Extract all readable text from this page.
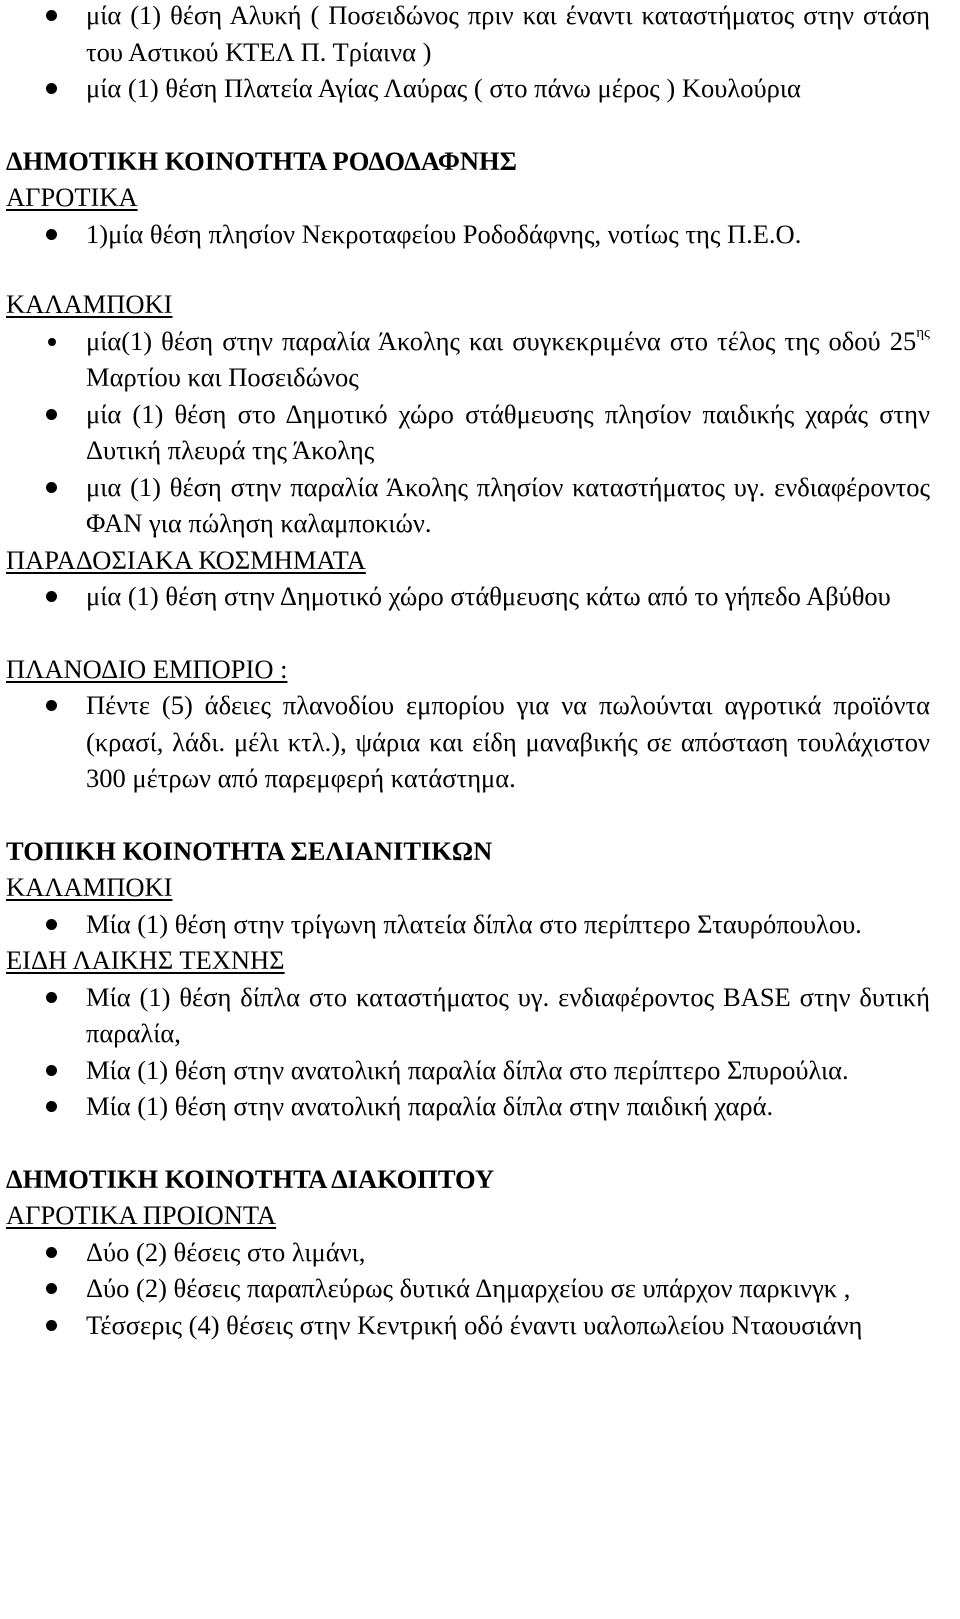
μία (1) θέση Αλυκή ( Ποσειδώνος πριν και έναντι καταστήματος στην στάση του Αστικού ΚΤΕΛ Π. Τρίαινα )
μία (1) θέση Πλατεία Αγίας Λαύρας ( στο πάνω μέρος ) Κουλούρια
ΔΗΜΟΤΙΚΗ ΚΟΙΝΟΤΗΤΑ ΡΟΔΟΔΑΦΝΗΣ
ΑΓΡΟΤΙΚΑ
1)μία θέση πλησίον Νεκροταφείου Ροδοδάφνης, νοτίως της Π.Ε.Ο.
ΚΑΛΑΜΠΟΚΙ
μία(1) θέση στην παραλία Άκολης και συγκεκριμένα στο τέλος της οδού $25^{\eta\varsigma}$ Μαρτίου και Ποσειδώνος
μία (1) θέση στο Δημοτικό χώρο στάθμευσης πλησίον παιδικής χαράς στην Δυτική πλευρά της Άκολης
μια (1) θέση στην παραλία Άκολης πλησίον καταστήματος υγ. ενδιαφέροντος ΦΑΝ για πώληση καλαμποκιών.
ΠΑΡΑΔΟΣΙΑΚΑ ΚΟΣΜΗΜΑΤΑ
μία (1) θέση στην Δημοτικό χώρο στάθμευσης κάτω από το γήπεδο Αβύθου
ΠΛΑΝΟΔΙΟ ΕΜΠΟΡΙΟ :
Πέντε (5) άδειες πλανοδίου εμπορίου για να πωλούνται αγροτικά προϊόντα (κρασί, λάδι. μέλι κτλ.), ψάρια και είδη μαναβικής σε απόσταση τουλάχιστον 300 μέτρων από παρεμφερή κατάστημα.
ΤΟΠΙΚΗ ΚΟΙΝΟΤΗΤΑ ΣΕΛΙΑΝΙΤΙΚΩΝ
ΚΑΛΑΜΠΟΚΙ
Μία (1) θέση στην τρίγωνη πλατεία δίπλα στο περίπτερο Σταυρόπουλου.
ΕΙΔΗ ΛΑΙΚΗΣ ΤΕΧΝΗΣ
Μία (1) θέση δίπλα στο καταστήματος υγ. ενδιαφέροντος BASE στην δυτική παραλία,
Μία (1) θέση στην ανατολική παραλία δίπλα στο περίπτερο Σπυρούλια.
Μία (1) θέση στην ανατολική παραλία δίπλα στην παιδική χαρά.
ΔΗΜΟΤΙΚΗ ΚΟΙΝΟΤΗΤΑ ΔΙΑΚΟΠΤΟΥ
ΑΓΡΟΤΙΚΑ ΠΡΟΙΟΝΤΑ
Δύο (2) θέσεις στο λιμάνι,
Δύο (2) θέσεις παραπλεύρως δυτικά Δημαρχείου σε υπάρχον παρκινγκ ,
Τέσσερις (4) θέσεις στην Κεντρική οδό έναντι υαλοπωλείου Νταουσιάνη
